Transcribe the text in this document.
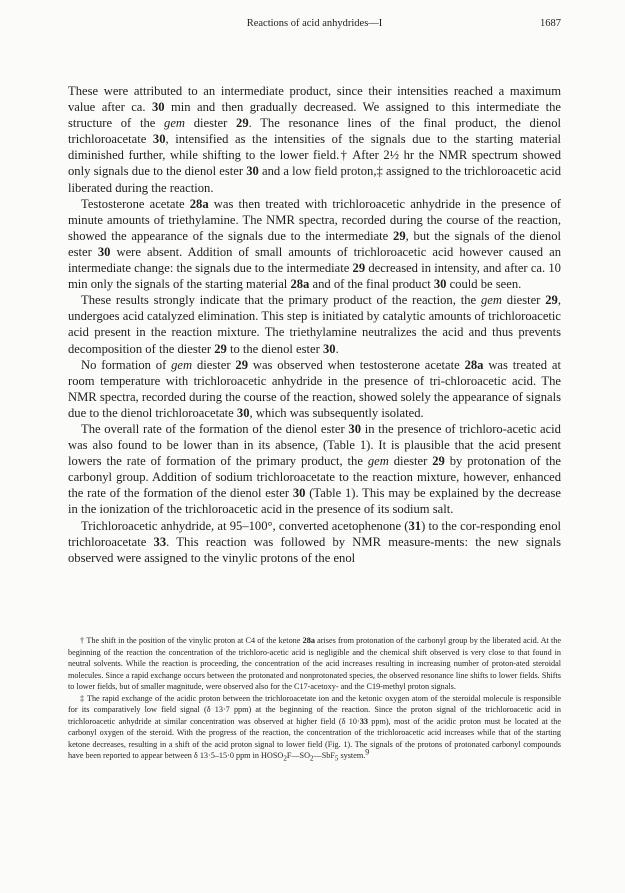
Reactions of acid anhydrides—I	1687

These were attributed to an intermediate product, since their intensities reached a maximum value after ca. 30 min and then gradually decreased. We assigned to this intermediate the structure of the gem diester 29. The resonance lines of the final product, the dienol trichloroacetate 30, intensified as the intensities of the signals due to the starting material diminished further, while shifting to the lower field.† After 2½ hr the NMR spectrum showed only signals due to the dienol ester 30 and a low field proton,‡ assigned to the trichloroacetic acid liberated during the reaction.

Testosterone acetate 28a was then treated with trichloroacetic anhydride in the presence of minute amounts of triethylamine. The NMR spectra, recorded during the course of the reaction, showed the appearance of the signals due to the intermediate 29, but the signals of the dienol ester 30 were absent. Addition of small amounts of trichloroacetic acid however caused an intermediate change: the signals due to the intermediate 29 decreased in intensity, and after ca. 10 min only the signals of the starting material 28a and of the final product 30 could be seen.

These results strongly indicate that the primary product of the reaction, the gem diester 29, undergoes acid catalyzed elimination. This step is initiated by catalytic amounts of trichloroacetic acid present in the reaction mixture. The triethylamine neutralizes the acid and thus prevents decomposition of the diester 29 to the dienol ester 30.

No formation of gem diester 29 was observed when testosterone acetate 28a was treated at room temperature with trichloroacetic anhydride in the presence of tri-chloroacetic acid. The NMR spectra, recorded during the course of the reaction, showed solely the appearance of signals due to the dienol trichloroacetate 30, which was subsequently isolated.

The overall rate of the formation of the dienol ester 30 in the presence of trichloro-acetic acid was also found to be lower than in its absence, (Table 1). It is plausible that the acid present lowers the rate of formation of the primary product, the gem diester 29 by protonation of the carbonyl group. Addition of sodium trichloroacetate to the reaction mixture, however, enhanced the rate of the formation of the dienol ester 30 (Table 1). This may be explained by the decrease in the ionization of the trichloroacetic acid in the presence of its sodium salt.

Trichloroacetic anhydride, at 95–100°, converted acetophenone (31) to the cor-responding enol trichloroacetate 33. This reaction was followed by NMR measure-ments: the new signals observed were assigned to the vinylic protons of the enol

† The shift in the position of the vinylic proton at C4 of the ketone 28a arises from protonation of the carbonyl group by the liberated acid. At the beginning of the reaction the concentration of the trichloro-acetic acid is negligible and the chemical shift observed is very close to that found in neutral solvents. While the reaction is proceeding, the concentration of the acid increases resulting in increasing number of proton-ated steroidal molecules. Since a rapid exchange occurs between the protonated and nonprotonated species, the observed resonance line shifts to lower fields. Shifts to lower fields, but of smaller magnitude, were observed also for the C17-acetoxy- and the C19-methyl proton signals.

‡ The rapid exchange of the acidic proton between the trichloroacetate ion and the ketonic oxygen atom of the steroidal molecule is responsible for its comparatively low field signal (δ 13·7 ppm) at the beginning of the reaction. Since the proton signal of the trichloroacetic acid in trichloroacetic anhydride at similar concentration was observed at higher field (δ 10·33 ppm), most of the acidic proton must be located at the carbonyl oxygen of the steroid. With the progress of the reaction, the concentration of the trichloroacetic acid increases while that of the starting ketone decreases, resulting in a shift of the acid proton signal to lower field (Fig. 1). The signals of the protons of protonated carbonyl compounds have been reported to appear between δ 13·5–15·0 ppm in $HOSO_2F—SO_2—SbF_5$ system.$^9$
